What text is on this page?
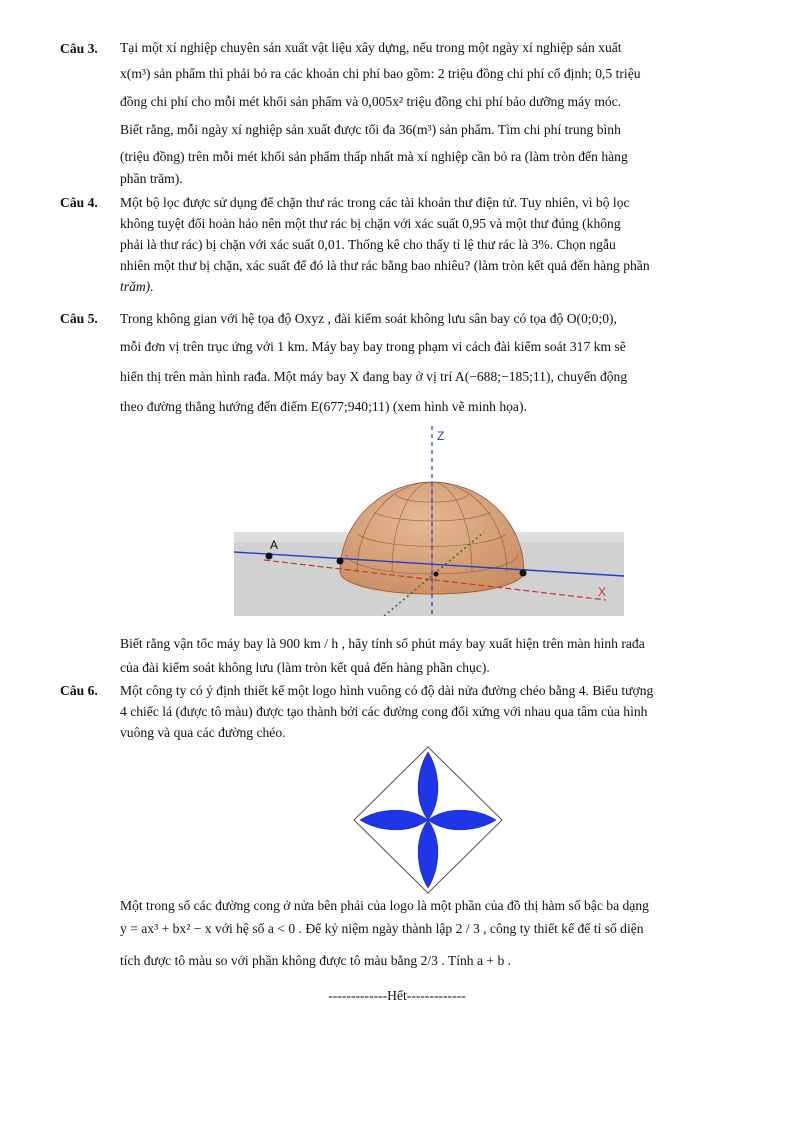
Câu 3. Tại một xí nghiệp chuyên sản xuất vật liệu xây dựng, nếu trong một ngày xí nghiệp sản xuất
x(m³) sản phẩm thì phải bỏ ra các khoản chi phí bao gồm: 2 triệu đồng chi phí cố định; 0,5 triệu
đồng chi phí cho mỗi mét khối sản phẩm và 0,005x² triệu đồng chi phí bảo dưỡng máy móc.
Biết rằng, mỗi ngày xí nghiệp sản xuất được tối đa 36(m³) sản phẩm. Tìm chi phí trung bình
(triệu đồng) trên mỗi mét khối sản phẩm thấp nhất mà xí nghiệp cần bỏ ra (làm tròn đến hàng
phần trăm).
Câu 4. Một bộ lọc được sử dụng để chặn thư rác trong các tài khoản thư điện tử. Tuy nhiên, vì bộ lọc
không tuyệt đối hoàn hảo nên một thư rác bị chặn với xác suất 0,95 và một thư đúng (không
phải là thư rác) bị chặn với xác suất 0,01. Thống kê cho thấy tỉ lệ thư rác là 3%. Chọn ngẫu
nhiên một thư bị chặn, xác suất để đó là thư rác bằng bao nhiêu? (làm tròn kết quả đến hàng phần
trăm).
Câu 5. Trong không gian với hệ tọa độ Oxyz , đài kiểm soát không lưu sân bay có tọa độ O(0;0;0),
mỗi đơn vị trên trục ứng với 1 km. Máy bay bay trong phạm vi cách đài kiểm soát 317 km sẽ
hiển thị trên màn hình rađa. Một máy bay X đang bay ở vị trí A(−688;−185;11), chuyển động
theo đường thẳng hướng đến điểm E(677;940;11) (xem hình vẽ minh họa).
Z
X
A
Biết rằng vận tốc máy bay là 900 km / h , hãy tính số phút máy bay xuất hiện trên màn hình rađa
của đài kiểm soát không lưu (làm tròn kết quả đến hàng phần chục).
Câu 6. Một công ty có ý định thiết kế một logo hình vuông có độ dài nửa đường chéo bằng 4. Biểu tượng
4 chiếc lá (được tô màu) được tạo thành bởi các đường cong đối xứng với nhau qua tâm của hình
vuông và qua các đường chéo.
Một trong số các đường cong ở nửa bên phải của logo là một phần của đồ thị hàm số bậc ba dạng
y = ax³ + bx² − x với hệ số a < 0 . Để kỷ niệm ngày thành lập 2 / 3 , công ty thiết kế để tỉ số diện
tích được tô màu so với phần không được tô màu bằng 2/3 . Tính a + b .
-------------Hết-------------
